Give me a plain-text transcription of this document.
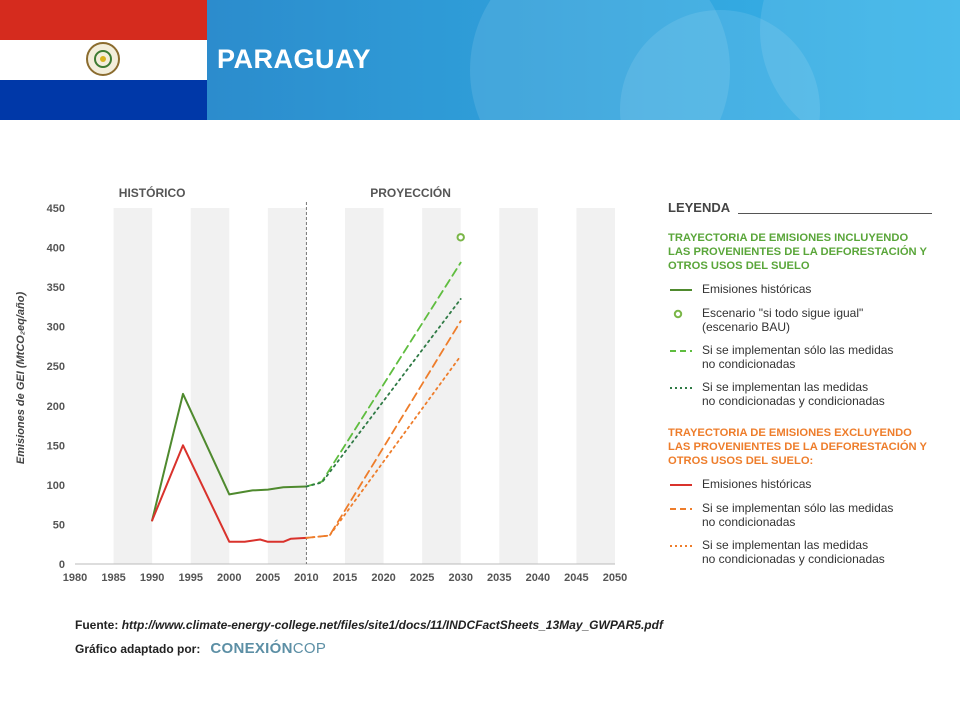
PARAGUAY
0
50
100
150
200
250
300
350
400
450
1980 1985 1990 1995 2000 2005 2010 2015 2020 2025 2030 2035 2040 2045 2050
HISTÓRICO	PROYECCIÓN
Emisiones de GEI (MtCO₂eq/año)
LEYENDA
TRAYECTORIA DE EMISIONES INCLUYENDO
LAS PROVENIENTES DE LA DEFORESTACIÓN Y
OTROS USOS DEL SUELO
Emisiones históricas
Escenario "si todo sigue igual"
(escenario BAU)
Si se implementan sólo las medidas
no condicionadas
Si se implementan las medidas
no condicionadas y condicionadas
TRAYECTORIA DE EMISIONES EXCLUYENDO
LAS PROVENIENTES DE LA DEFORESTACIÓN Y
OTROS USOS DEL SUELO:
Emisiones históricas
Si se implementan sólo las medidas
no condicionadas
Si se implementan las medidas
no condicionadas y condicionadas
Fuente: http://www.climate-energy-college.net/files/site1/docs/11/INDCFactSheets_13May_GWPAR5.pdf
Gráfico adaptado por: CONEXIÓNCOP
